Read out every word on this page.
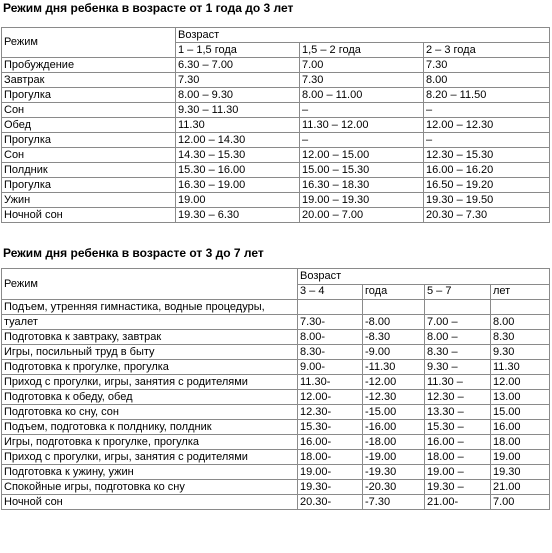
Режим дня ребенка в возрасте от 1 года до 3 лет
Режим	Возраст		
	1 – 1,5 года	1,5 – 2 года	2 – 3 года
Пробуждение	6.30 – 7.00	7.00	7.30
Завтрак	7.30	7.30	8.00
Прогулка	8.00 – 9.30	8.00 – 11.00	8.20 – 11.50
Сон	9.30 – 11.30	–	–
Обед	11.30	11.30 – 12.00	12.00 – 12.30
Прогулка	12.00 – 14.30	–	–
Сон	14.30 – 15.30	12.00 – 15.00	12.30 – 15.30
Полдник	15.30 – 16.00	15.00 – 15.30	16.00 – 16.20
Прогулка	16.30 – 19.00	16.30 – 18.30	16.50 – 19.20
Ужин	19.00	19.00 – 19.30	19.30 – 19.50
Ночной сон	19.30 – 6.30	20.00 – 7.00	20.30 – 7.30
Режим дня ребенка в возрасте от 3 до 7 лет
Режим	Возраст			
	3 – 4	года	5 – 7	лет
Подъем, утренняя гимнастика, водные процедуры,				
туалет	7.30-	-8.00	7.00 –	8.00
Подготовка к завтраку, завтрак	8.00-	-8.30	8.00 –	8.30
Игры, посильный труд в быту	8.30-	-9.00	8.30 –	9.30
Подготовка к прогулке, прогулка	9.00-	-11.30	9.30 –	11.30
Приход с прогулки, игры, занятия с родителями	11.30-	-12.00	11.30 –	12.00
Подготовка к обеду, обед	12.00-	-12.30	12.30 –	13.00
Подготовка ко сну, сон	12.30-	-15.00	13.30 –	15.00
Подъем, подготовка к полднику, полдник	15.30-	-16.00	15.30 –	16.00
Игры, подготовка к прогулке, прогулка	16.00-	-18.00	16.00 –	18.00
Приход с прогулки, игры, занятия с родителями	18.00-	-19.00	18.00 –	19.00
Подготовка к ужину, ужин	19.00-	-19.30	19.00 –	19.30
Спокойные игры, подготовка ко сну	19.30-	-20.30	19.30 –	21.00
Ночной сон	20.30-	-7.30	21.00-	7.00
